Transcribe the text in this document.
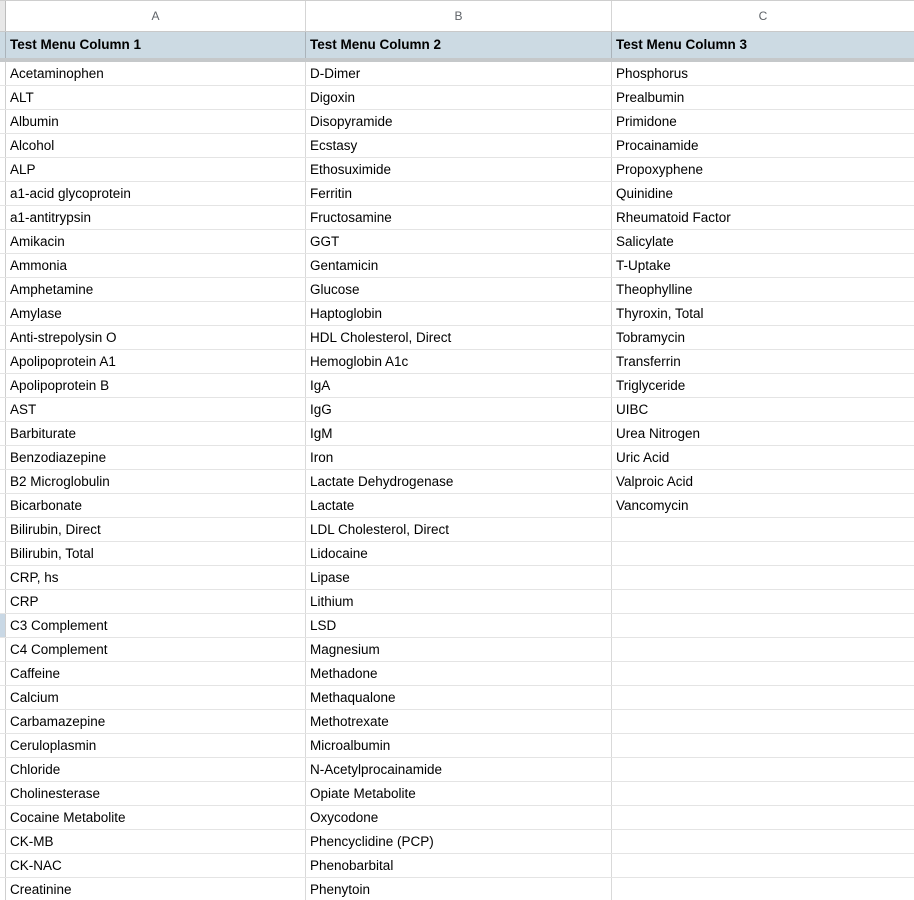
A	B	C
Test Menu Column 1	Test Menu Column 2	Test Menu Column 3
Acetaminophen	D-Dimer	Phosphorus
ALT	Digoxin	Prealbumin
Albumin	Disopyramide	Primidone
Alcohol	Ecstasy	Procainamide
ALP	Ethosuximide	Propoxyphene
a1-acid glycoprotein	Ferritin	Quinidine
a1-antitrypsin	Fructosamine	Rheumatoid Factor
Amikacin	GGT	Salicylate
Ammonia	Gentamicin	T-Uptake
Amphetamine	Glucose	Theophylline
Amylase	Haptoglobin	Thyroxin, Total
Anti-strepolysin O	HDL Cholesterol, Direct	Tobramycin
Apolipoprotein A1	Hemoglobin A1c	Transferrin
Apolipoprotein B	IgA	Triglyceride
AST	IgG	UIBC
Barbiturate	IgM	Urea Nitrogen
Benzodiazepine	Iron	Uric Acid
B2 Microglobulin	Lactate Dehydrogenase	Valproic Acid
Bicarbonate	Lactate	Vancomycin
Bilirubin, Direct	LDL Cholesterol, Direct
Bilirubin, Total	Lidocaine
CRP, hs	Lipase
CRP	Lithium
C3 Complement	LSD
C4 Complement	Magnesium
Caffeine	Methadone
Calcium	Methaqualone
Carbamazepine	Methotrexate
Ceruloplasmin	Microalbumin
Chloride	N-Acetylprocainamide
Cholinesterase	Opiate Metabolite
Cocaine Metabolite	Oxycodone
CK-MB	Phencyclidine (PCP)
CK-NAC	Phenobarbital
Creatinine	Phenytoin
